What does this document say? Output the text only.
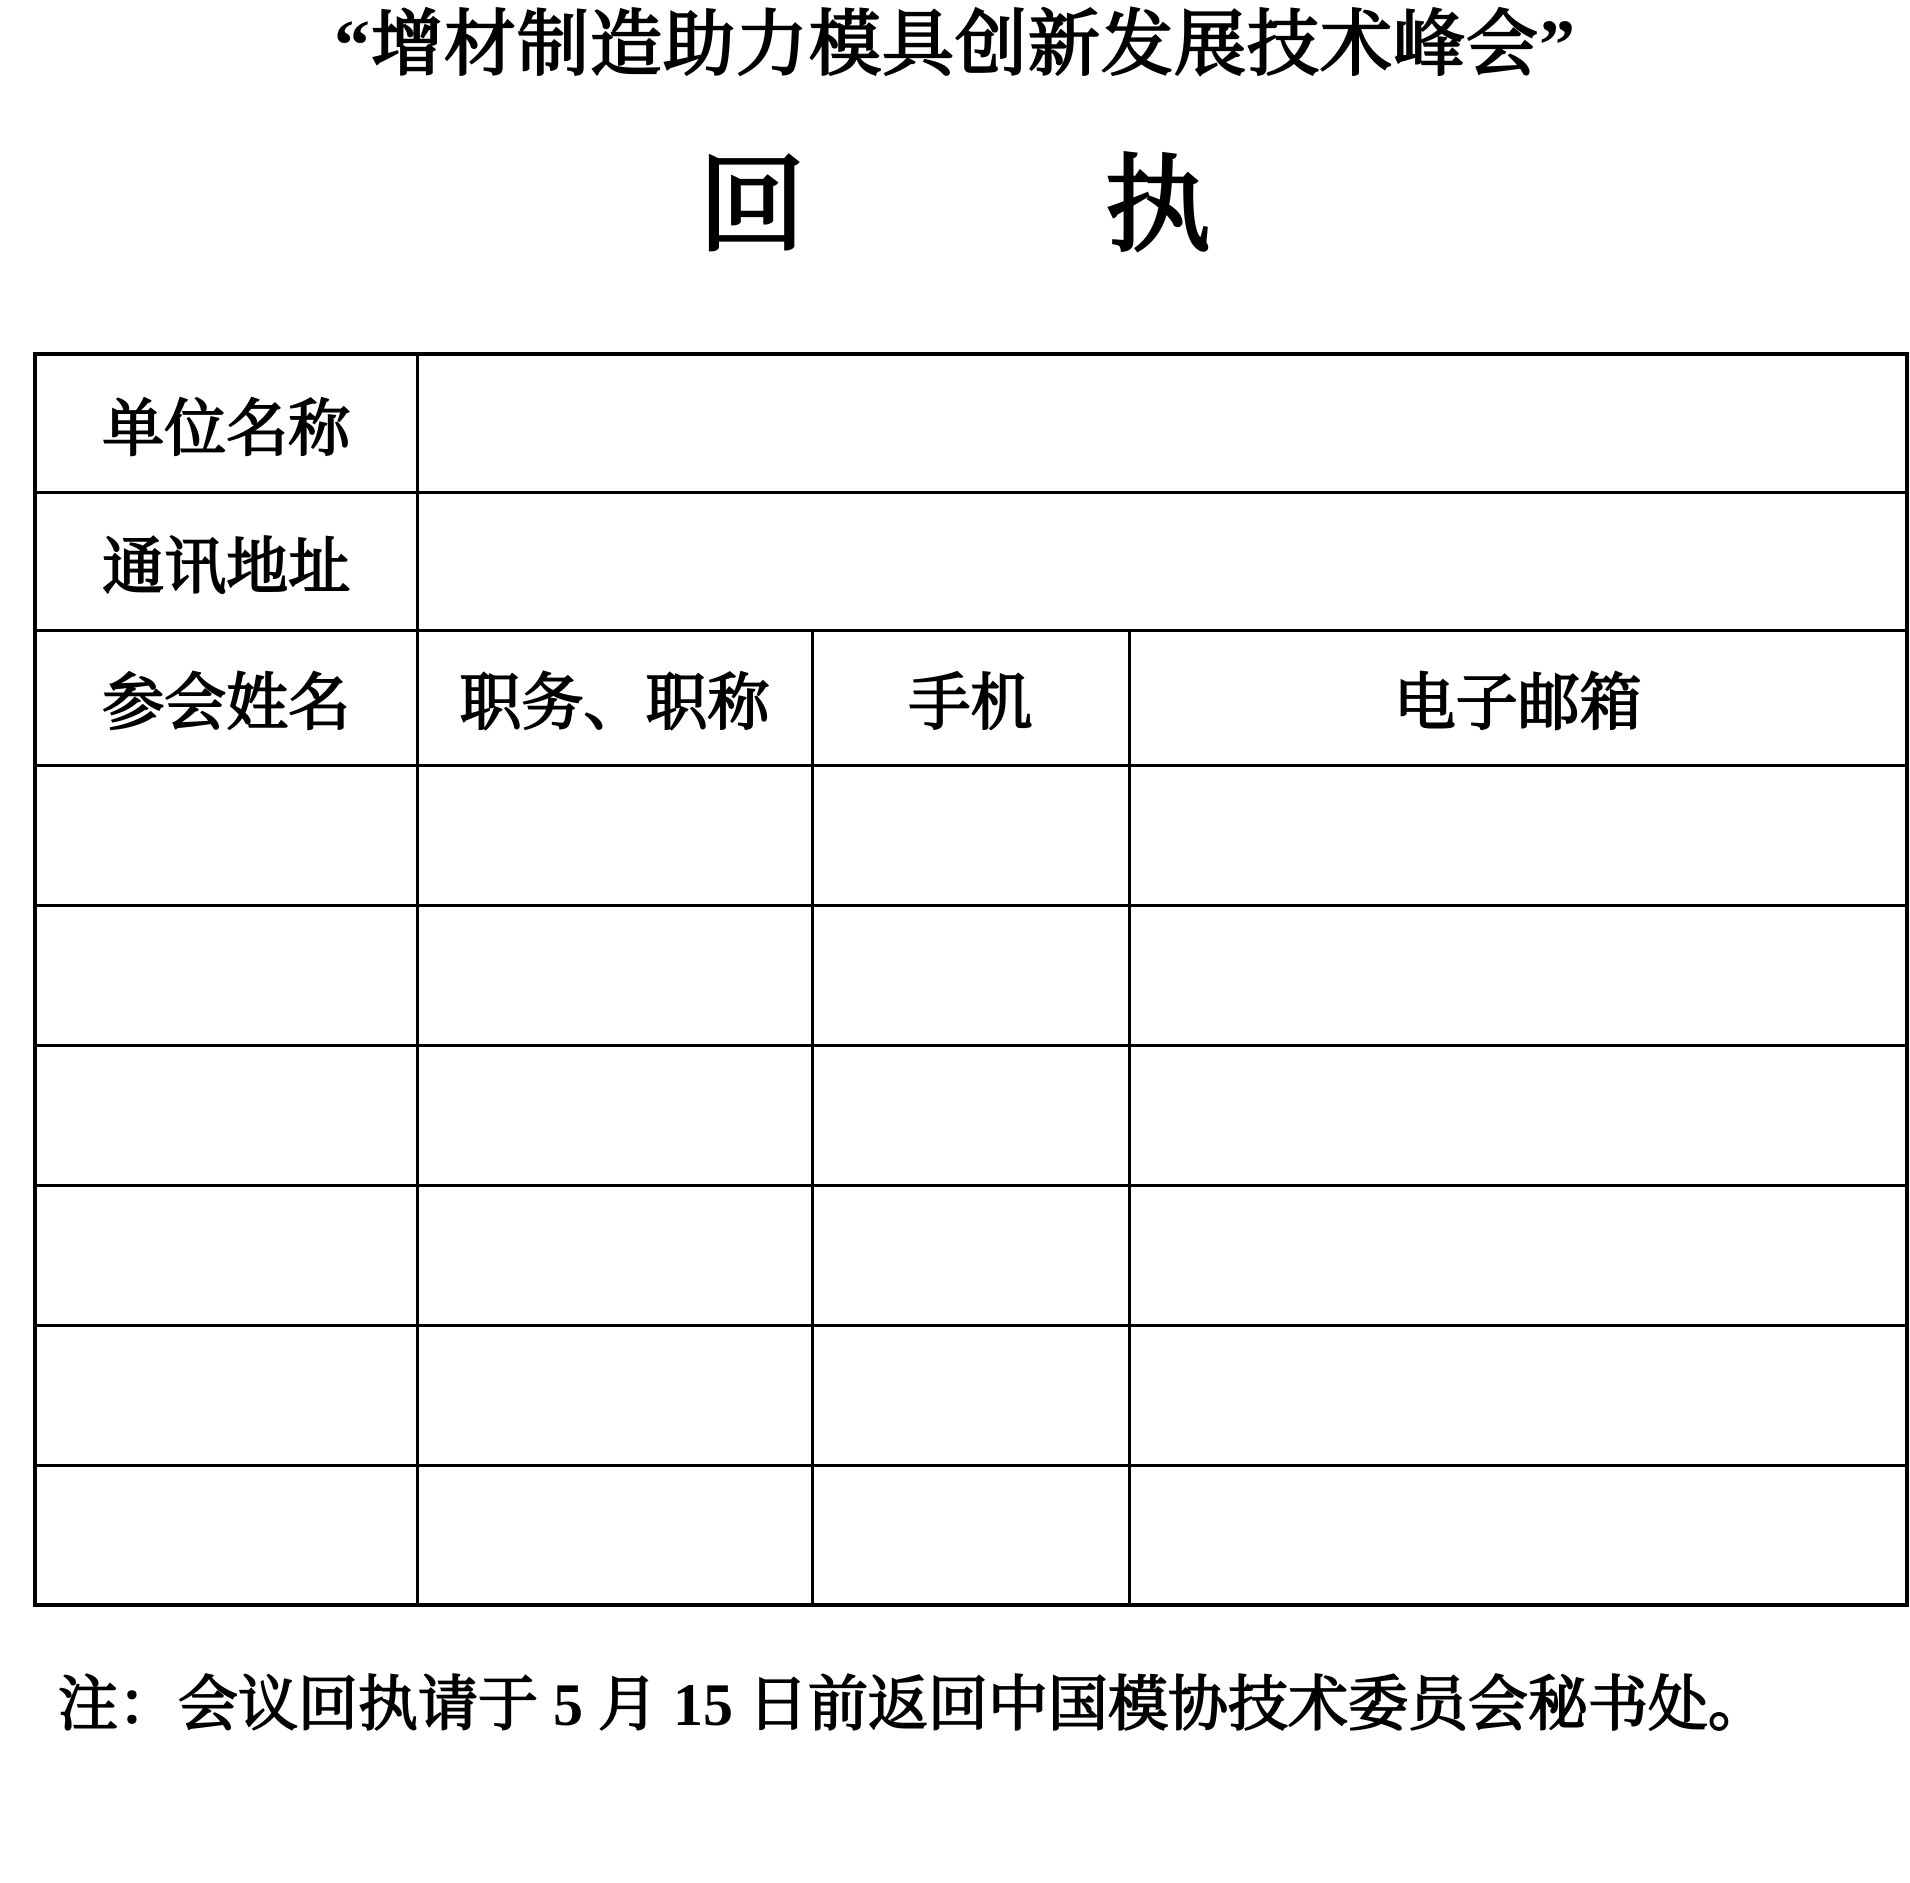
“增材制造助力模具创新发展技术峰会”
回	执
单位名称			
通讯地址			
参会姓名	职务、职称	手机	电子邮箱

注：会议回执请于 5 月 15 日前返回中国模协技术委员会秘书处。
